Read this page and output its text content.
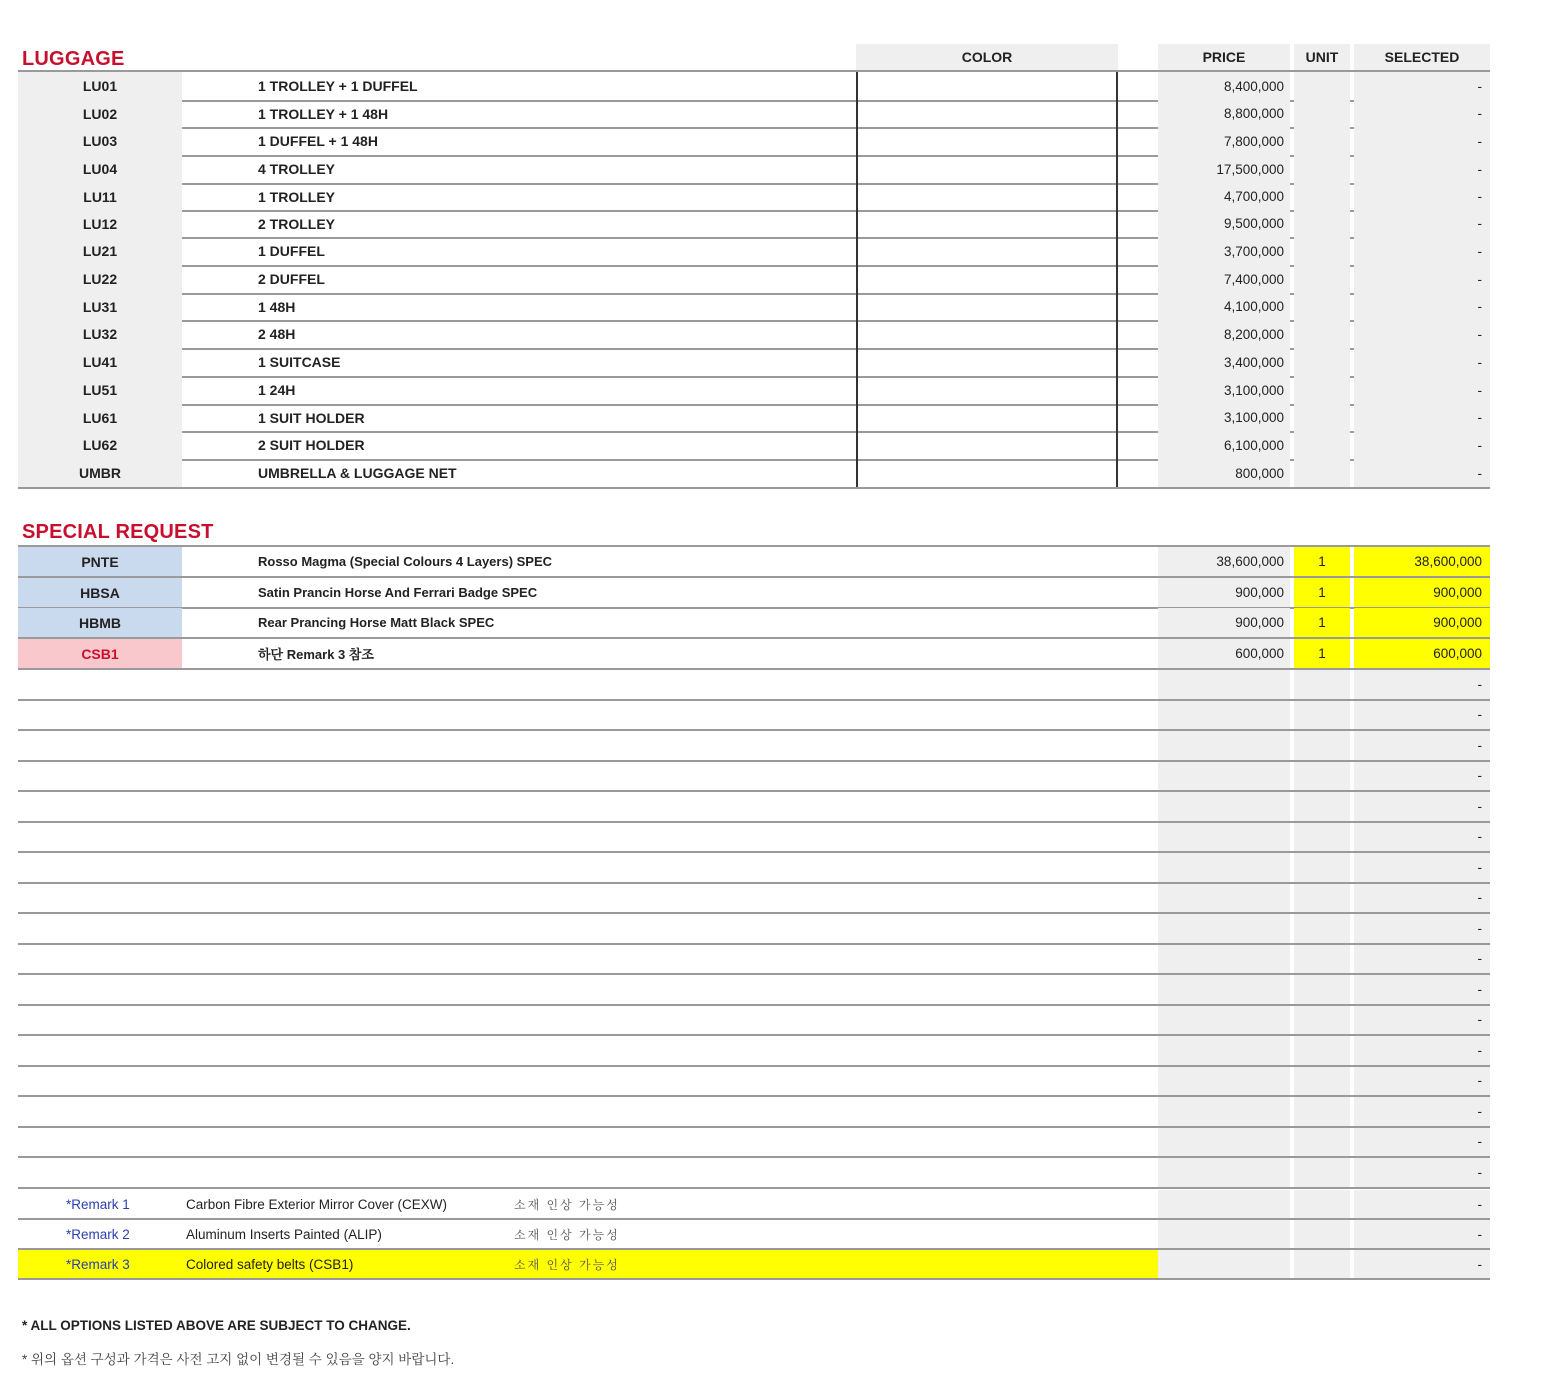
LUGGAGE	COLOR	PRICE	UNIT	SELECTED
LU01	1 TROLLEY + 1 DUFFEL	8,400,000	-
LU02	1 TROLLEY + 1 48H	8,800,000	-
LU03	1 DUFFEL + 1 48H	7,800,000	-
LU04	4 TROLLEY	17,500,000	-
LU11	1 TROLLEY	4,700,000	-
LU12	2 TROLLEY	9,500,000	-
LU21	1 DUFFEL	3,700,000	-
LU22	2 DUFFEL	7,400,000	-
LU31	1 48H	4,100,000	-
LU32	2 48H	8,200,000	-
LU41	1 SUITCASE	3,400,000	-
LU51	1 24H	3,100,000	-
LU61	1 SUIT HOLDER	3,100,000	-
LU62	2 SUIT HOLDER	6,100,000	-
UMBR	UMBRELLA & LUGGAGE NET	800,000	-
SPECIAL REQUEST
PNTE	Rosso Magma (Special Colours 4 Layers) SPEC	38,600,000	1	38,600,000
HBSA	Satin Prancin Horse And Ferrari Badge SPEC	900,000	1	900,000
HBMB	Rear Prancing Horse Matt Black SPEC	900,000	1	900,000
CSB1	하단 Remark 3 참조	600,000	1	600,000
-
-
-
-
-
-
-
-
-
-
-
-
-
-
-
-
-
*Remark 1	Carbon Fibre Exterior Mirror Cover (CEXW)	소재 인상 가능성	-
*Remark 2	Aluminum Inserts Painted (ALIP)	소재 인상 가능성	-
*Remark 3	Colored safety belts (CSB1)	소재 인상 가능성	-
* ALL OPTIONS LISTED ABOVE ARE SUBJECT TO CHANGE.
* 위의 옵션 구성과 가격은 사전 고지 없이 변경될 수 있음을 양지 바랍니다.
